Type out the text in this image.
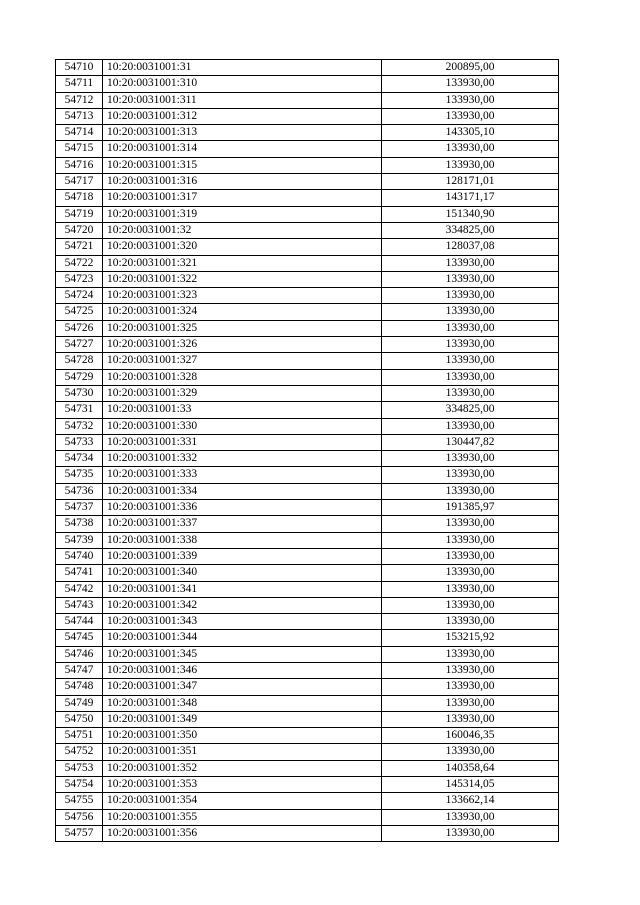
54710	10:20:0031001:31	200895,00
54711	10:20:0031001:310	133930,00
54712	10:20:0031001:311	133930,00
54713	10:20:0031001:312	133930,00
54714	10:20:0031001:313	143305,10
54715	10:20:0031001:314	133930,00
54716	10:20:0031001:315	133930,00
54717	10:20:0031001:316	128171,01
54718	10:20:0031001:317	143171,17
54719	10:20:0031001:319	151340,90
54720	10:20:0031001:32	334825,00
54721	10:20:0031001:320	128037,08
54722	10:20:0031001:321	133930,00
54723	10:20:0031001:322	133930,00
54724	10:20:0031001:323	133930,00
54725	10:20:0031001:324	133930,00
54726	10:20:0031001:325	133930,00
54727	10:20:0031001:326	133930,00
54728	10:20:0031001:327	133930,00
54729	10:20:0031001:328	133930,00
54730	10:20:0031001:329	133930,00
54731	10:20:0031001:33	334825,00
54732	10:20:0031001:330	133930,00
54733	10:20:0031001:331	130447,82
54734	10:20:0031001:332	133930,00
54735	10:20:0031001:333	133930,00
54736	10:20:0031001:334	133930,00
54737	10:20:0031001:336	191385,97
54738	10:20:0031001:337	133930,00
54739	10:20:0031001:338	133930,00
54740	10:20:0031001:339	133930,00
54741	10:20:0031001:340	133930,00
54742	10:20:0031001:341	133930,00
54743	10:20:0031001:342	133930,00
54744	10:20:0031001:343	133930,00
54745	10:20:0031001:344	153215,92
54746	10:20:0031001:345	133930,00
54747	10:20:0031001:346	133930,00
54748	10:20:0031001:347	133930,00
54749	10:20:0031001:348	133930,00
54750	10:20:0031001:349	133930,00
54751	10:20:0031001:350	160046,35
54752	10:20:0031001:351	133930,00
54753	10:20:0031001:352	140358,64
54754	10:20:0031001:353	145314,05
54755	10:20:0031001:354	133662,14
54756	10:20:0031001:355	133930,00
54757	10:20:0031001:356	133930,00
